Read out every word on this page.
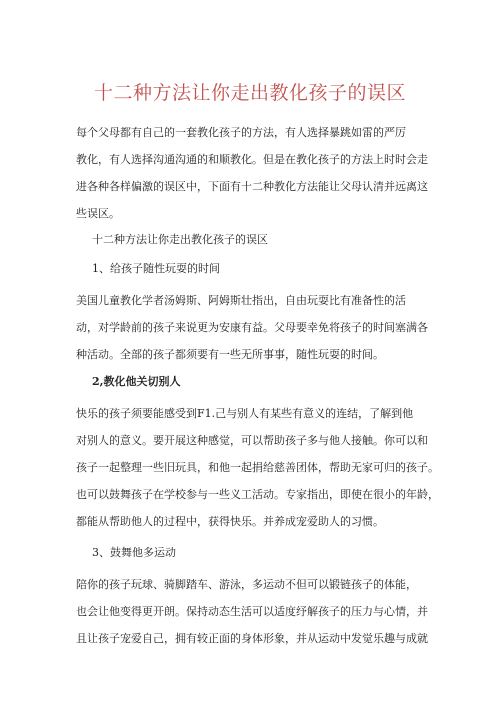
十二种方法让你走出教化孩子的误区
每个父母都有自己的一套教化孩子的方法，有人选择暴跳如雷的严厉
教化，有人选择沟通沟通的和顺教化。但是在教化孩子的方法上时时会走
进各种各样偏激的误区中，下面有十二种教化方法能让父母认清并远离这
些误区。
十二种方法让你走出教化孩子的误区
1、给孩子随性玩耍的时间
美国儿童教化学者汤姆斯、阿姆斯壮指出，自由玩耍比有准备性的活
动，对学龄前的孩子来说更为安康有益。父母要幸免将孩子的时间塞满各
种活动。全部的孩子都须要有一些无所事事，随性玩耍的时间。
2,教化他关切别人
快乐的孩子须要能感受到F1.己与别人有某些有意义的连结，了解到他
对别人的意义。要开展这种感觉，可以帮助孩子多与他人接触。你可以和
孩子一起整理一些旧玩具，和他一起捐给慈善团体，帮助无家可归的孩子。
也可以鼓舞孩子在学校参与一些义工活动。专家指出，即使在很小的年龄，
都能从帮助他人的过程中，获得快乐。并养成宠爱助人的习惯。
3、鼓舞他多运动
陪你的孩子玩球、骑脚踏车、游泳，多运动不但可以锻链孩子的体能，
也会让他变得更开朗。保持动态生活可以适度纾解孩子的压力与心情，并
且让孩子宠爱自己，拥有较正面的身体形象，并从运动中发觉乐趣与成就
